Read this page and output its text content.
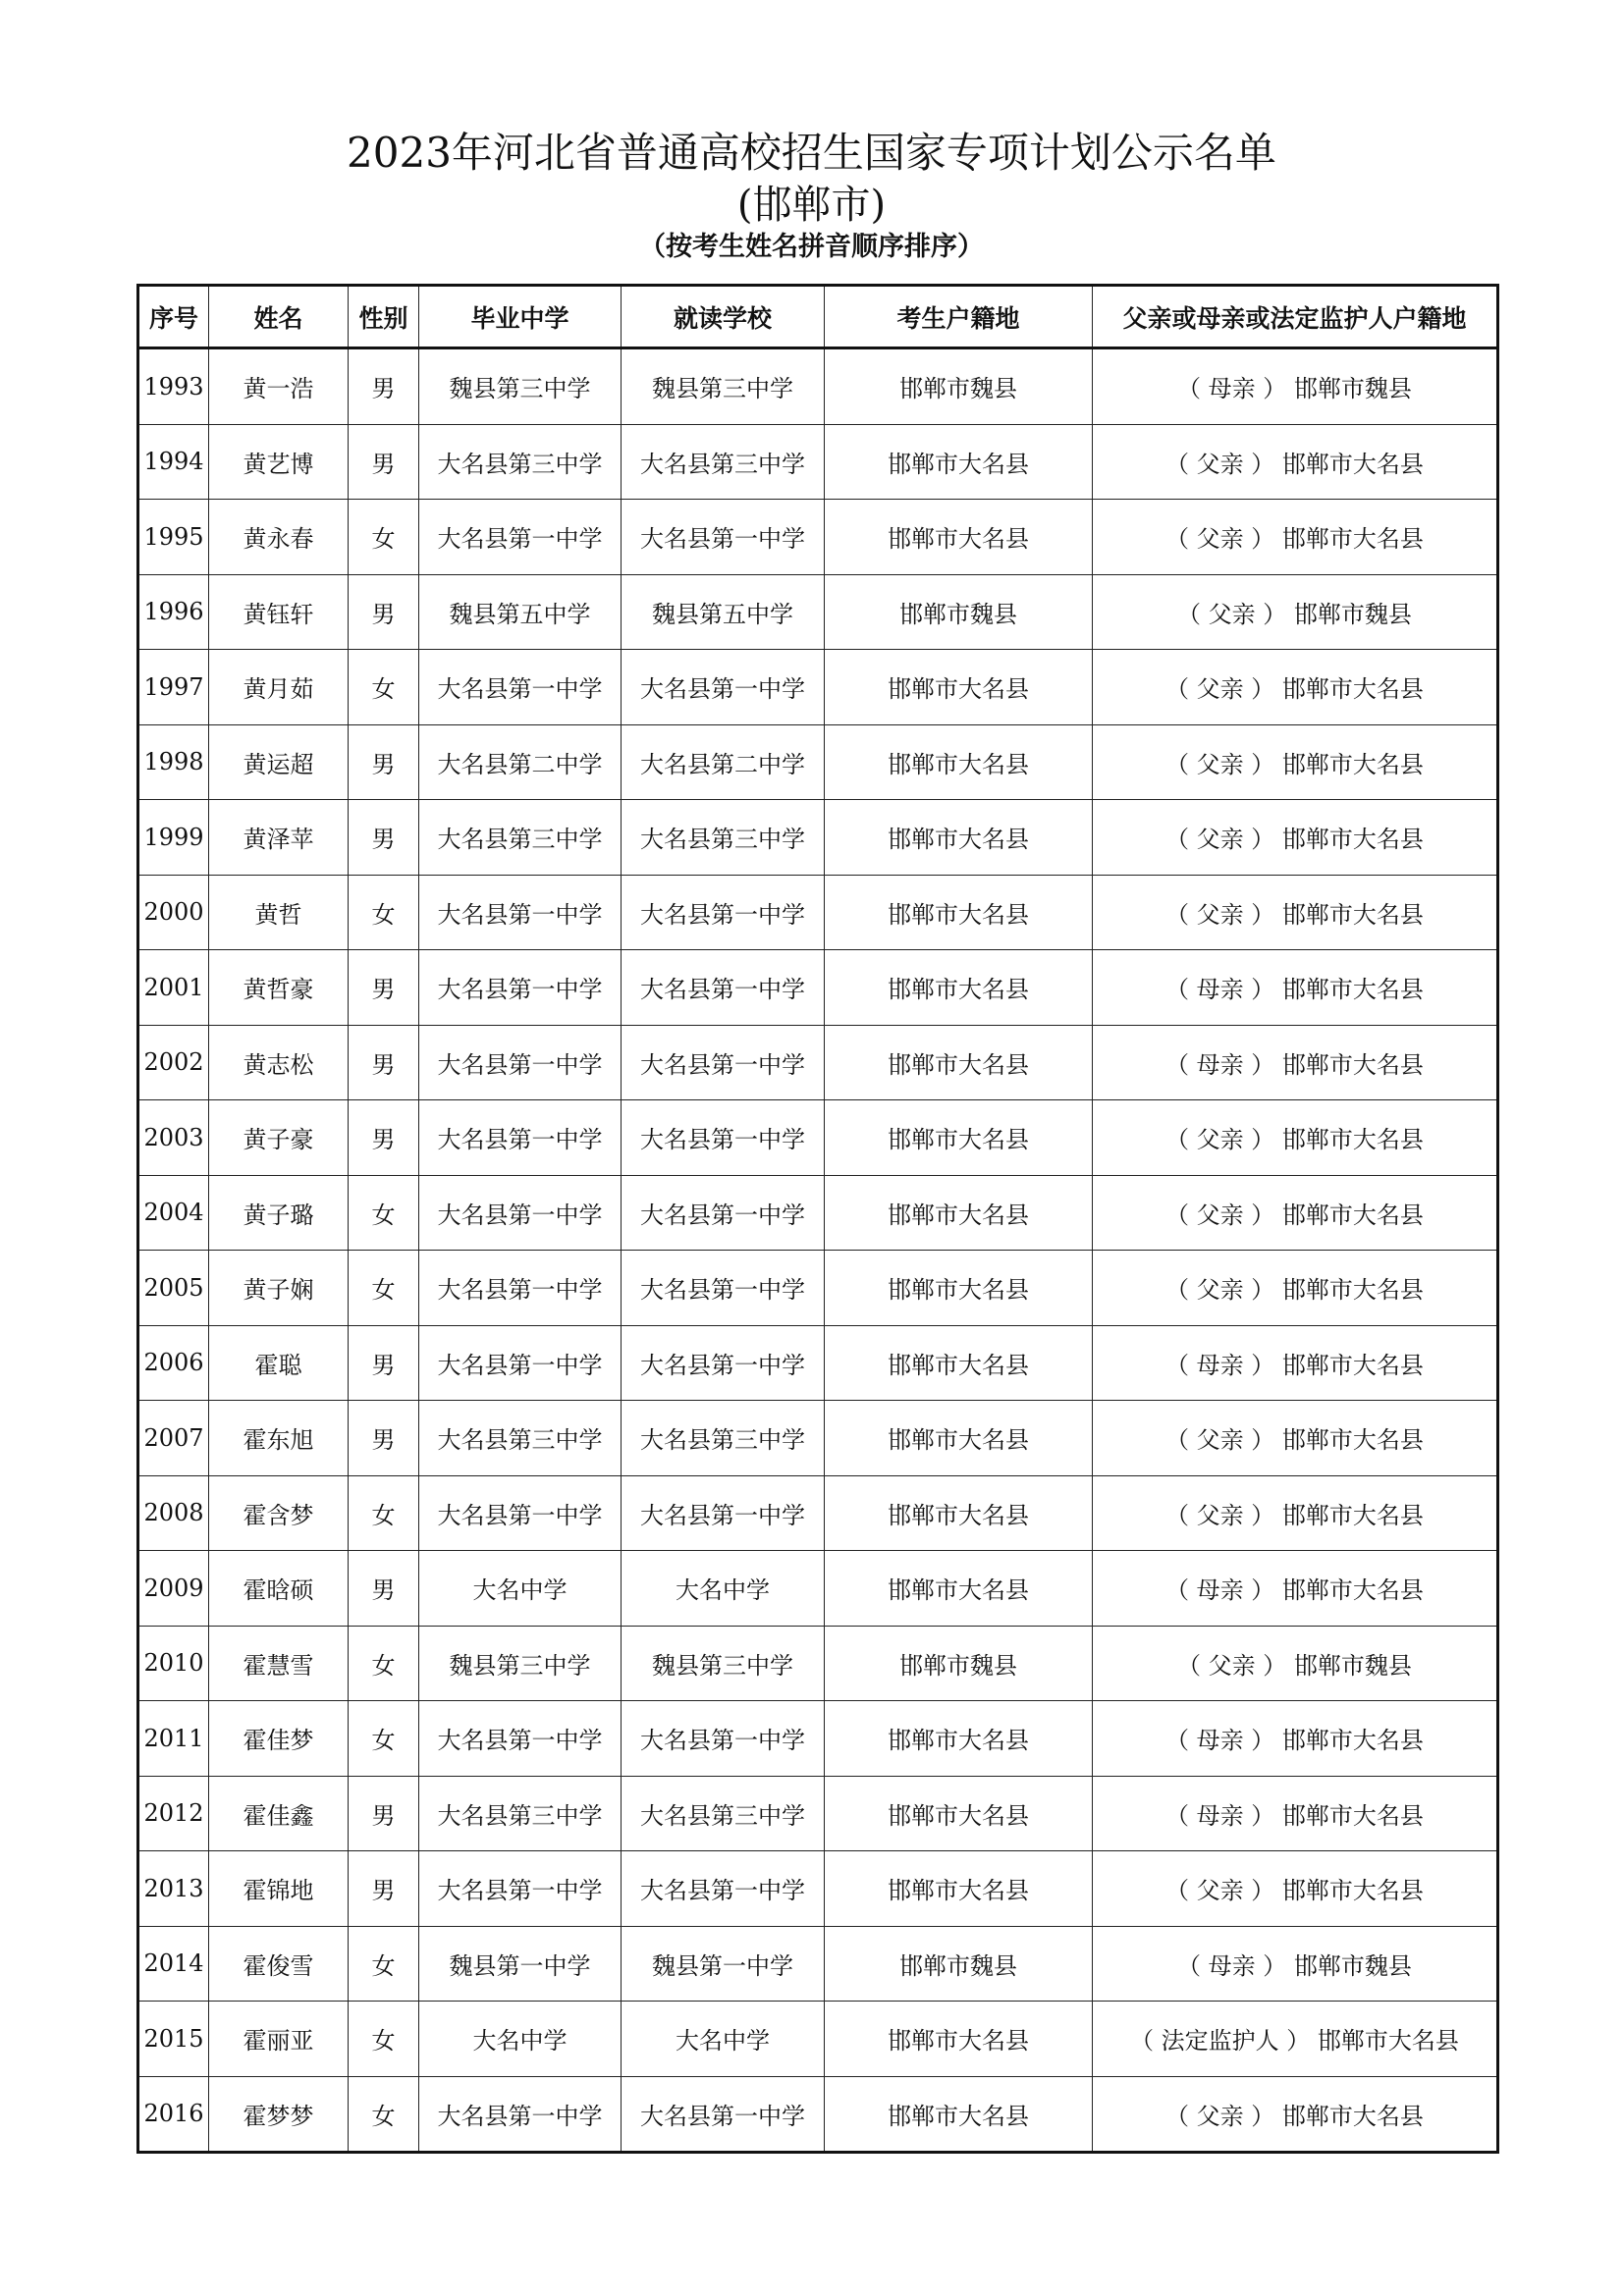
2023年河北省普通高校招生国家专项计划公示名单
(邯郸市)
（按考生姓名拼音顺序排序）
序号	姓名	性别	毕业中学	就读学校	考生户籍地	父亲或母亲或法定监护人户籍地
1993	黄一浩	男	魏县第三中学	魏县第三中学	邯郸市魏县	（ 母亲 ） 邯郸市魏县
1994	黄艺博	男	大名县第三中学	大名县第三中学	邯郸市大名县	（ 父亲 ） 邯郸市大名县
1995	黄永春	女	大名县第一中学	大名县第一中学	邯郸市大名县	（ 父亲 ） 邯郸市大名县
1996	黄钰轩	男	魏县第五中学	魏县第五中学	邯郸市魏县	（ 父亲 ） 邯郸市魏县
1997	黄月茹	女	大名县第一中学	大名县第一中学	邯郸市大名县	（ 父亲 ） 邯郸市大名县
1998	黄运超	男	大名县第二中学	大名县第二中学	邯郸市大名县	（ 父亲 ） 邯郸市大名县
1999	黄泽苹	男	大名县第三中学	大名县第三中学	邯郸市大名县	（ 父亲 ） 邯郸市大名县
2000	黄哲	女	大名县第一中学	大名县第一中学	邯郸市大名县	（ 父亲 ） 邯郸市大名县
2001	黄哲豪	男	大名县第一中学	大名县第一中学	邯郸市大名县	（ 母亲 ） 邯郸市大名县
2002	黄志松	男	大名县第一中学	大名县第一中学	邯郸市大名县	（ 母亲 ） 邯郸市大名县
2003	黄子豪	男	大名县第一中学	大名县第一中学	邯郸市大名县	（ 父亲 ） 邯郸市大名县
2004	黄子璐	女	大名县第一中学	大名县第一中学	邯郸市大名县	（ 父亲 ） 邯郸市大名县
2005	黄子娴	女	大名县第一中学	大名县第一中学	邯郸市大名县	（ 父亲 ） 邯郸市大名县
2006	霍聪	男	大名县第一中学	大名县第一中学	邯郸市大名县	（ 母亲 ） 邯郸市大名县
2007	霍东旭	男	大名县第三中学	大名县第三中学	邯郸市大名县	（ 父亲 ） 邯郸市大名县
2008	霍含梦	女	大名县第一中学	大名县第一中学	邯郸市大名县	（ 父亲 ） 邯郸市大名县
2009	霍晗硕	男	大名中学	大名中学	邯郸市大名县	（ 母亲 ） 邯郸市大名县
2010	霍慧雪	女	魏县第三中学	魏县第三中学	邯郸市魏县	（ 父亲 ） 邯郸市魏县
2011	霍佳梦	女	大名县第一中学	大名县第一中学	邯郸市大名县	（ 母亲 ） 邯郸市大名县
2012	霍佳鑫	男	大名县第三中学	大名县第三中学	邯郸市大名县	（ 母亲 ） 邯郸市大名县
2013	霍锦地	男	大名县第一中学	大名县第一中学	邯郸市大名县	（ 父亲 ） 邯郸市大名县
2014	霍俊雪	女	魏县第一中学	魏县第一中学	邯郸市魏县	（ 母亲 ） 邯郸市魏县
2015	霍丽亚	女	大名中学	大名中学	邯郸市大名县	（ 法定监护人 ） 邯郸市大名县
2016	霍梦梦	女	大名县第一中学	大名县第一中学	邯郸市大名县	（ 父亲 ） 邯郸市大名县
